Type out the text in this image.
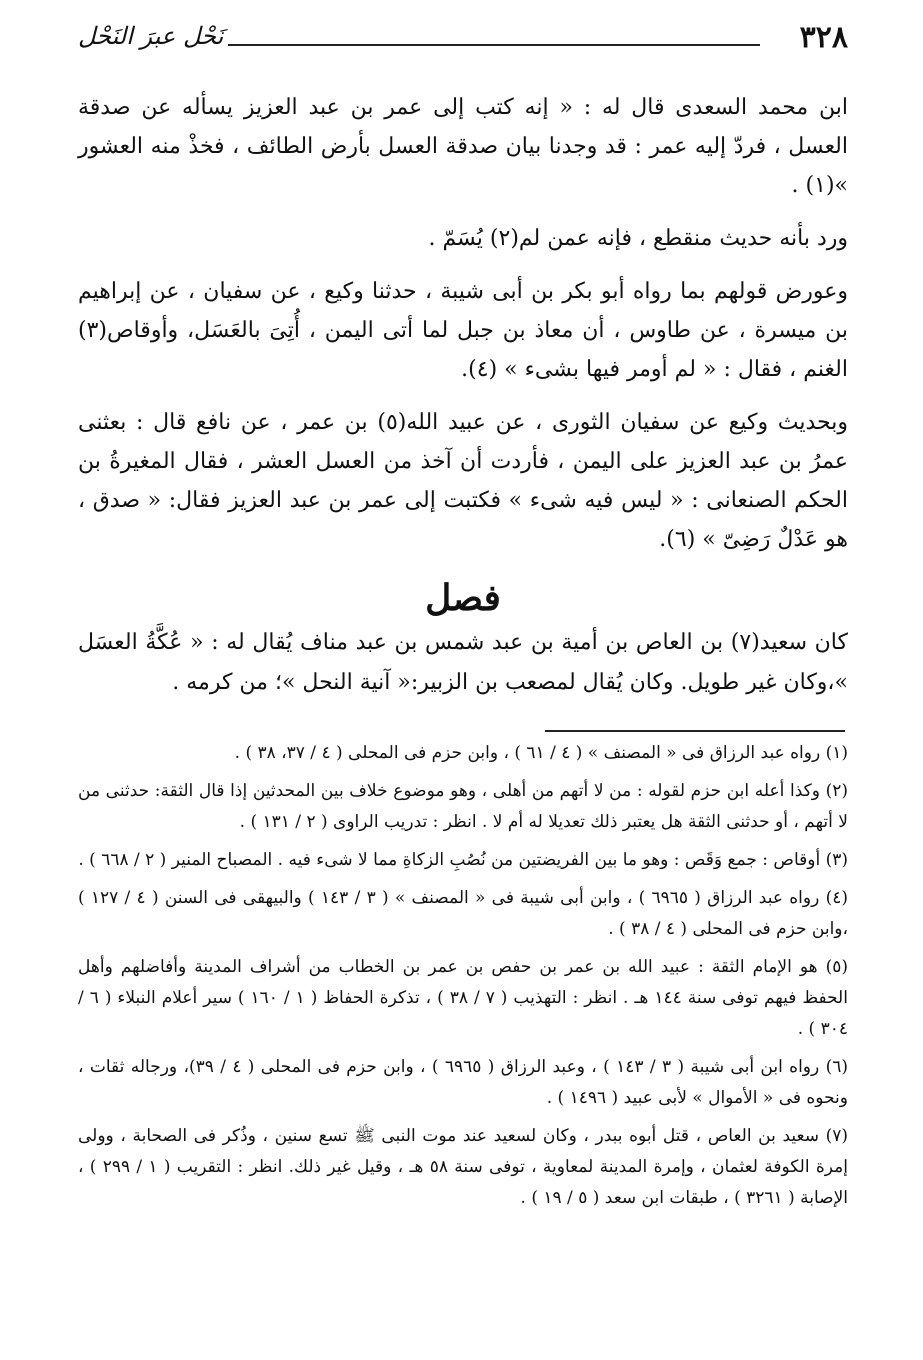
٣٢٨
نَحْل عبرَ النَحْل

ابن محمد السعدى قال له : « إنه كتب إلى عمر بن عبد العزيز يسأله عن صدقة العسل ، فردّ إليه عمر : قد وجدنا بيان صدقة العسل بأرض الطائف ، فخذْ منه العشور »(١) .

ورد بأنه حديث منقطع ، فإنه عمن لم(٢) يُسَمّ .

وعورض قولهم بما رواه أبو بكر بن أبى شيبة ، حدثنا وكيع ، عن سفيان ، عن إبراهيم بن ميسرة ، عن طاوس ، أن معاذ بن جبل لما أتى اليمن ، أُتِىَ بالعَسَل، وأوقاص(٣) الغنم ، فقال : « لم أومر فيها بشىء » (٤).

وبحديث وكيع عن سفيان الثورى ، عن عبيد الله(٥) بن عمر ، عن نافع قال : بعثنى عمرُ بن عبد العزيز على اليمن ، فأردت أن آخذ من العسل العشر ، فقال المغيرةُ بن الحكم الصنعانى : « ليس فيه شىء » فكتبت إلى عمر بن عبد العزيز فقال: « صدق ، هو عَدْلٌ رَضِىّ » (٦).

فصل

كان سعيد(٧) بن العاص بن أمية بن عبد شمس بن عبد مناف يُقال له : « عُكَّةُ العسَل »،وكان غير طويل. وكان يُقال لمصعب بن الزبير:« آنية النحل »؛ من كرمه .

(١) رواه عبد الرزاق فى « المصنف » ( ٤ / ٦١ ) ، وابن حزم فى المحلى ( ٤ / ٣٧، ٣٨ ) .

(٢) وكذا أعله ابن حزم لقوله : من لا أتهم من أهلى ، وهو موضوع خلاف بين المحدثين إذا قال الثقة: حدثنى من لا أتهم ، أو حدثنى الثقة هل يعتبر ذلك تعديلا له أم لا . انظر : تدريب الراوى ( ٢ / ١٣١ ) .

(٣) أوقاص : جمع وَقَص : وهو ما بين الفريضتين من نُصُبِ الزكاةِ مما لا شىء فيه . المصباح المنير ( ٢ / ٦٦٨ ) .

(٤) رواه عبد الرزاق ( ٦٩٦٥ ) ، وابن أبى شيبة فى « المصنف » ( ٣ / ١٤٣ ) والبيهقى فى السنن ( ٤ / ١٢٧ ) ،وابن حزم فى المحلى ( ٤ / ٣٨ ) .

(٥) هو الإمام الثقة : عبيد الله بن عمر بن حفص بن عمر بن الخطاب من أشراف المدينة وأفاضلهم وأهل الحفظ فيهم توفى سنة ١٤٤ هـ . انظر : التهذيب ( ٧ / ٣٨ ) ، تذكرة الحفاظ ( ١ / ١٦٠ ) سير أعلام النبلاء ( ٦ / ٣٠٤ ) .

(٦) رواه ابن أبى شيبة ( ٣ / ١٤٣ ) ، وعبد الرزاق ( ٦٩٦٥ ) ، وابن حزم فى المحلى ( ٤ / ٣٩)، ورجاله ثقات ، ونحوه فى « الأموال » لأبى عبيد ( ١٤٩٦ ) .

(٧) سعيد بن العاص ، قتل أبوه ببدر ، وكان لسعيد عند موت النبى ﷺ تسع سنين ، وذُكر فى الصحابة ، وولى إمرة الكوفة لعثمان ، وإمرة المدينة لمعاوية ، توفى سنة ٥٨ هـ ، وقيل غير ذلك. انظر : التقريب ( ١ / ٢٩٩ ) ، الإصابة ( ٣٢٦١ ) ، طبقات ابن سعد ( ٥ / ١٩ ) .
